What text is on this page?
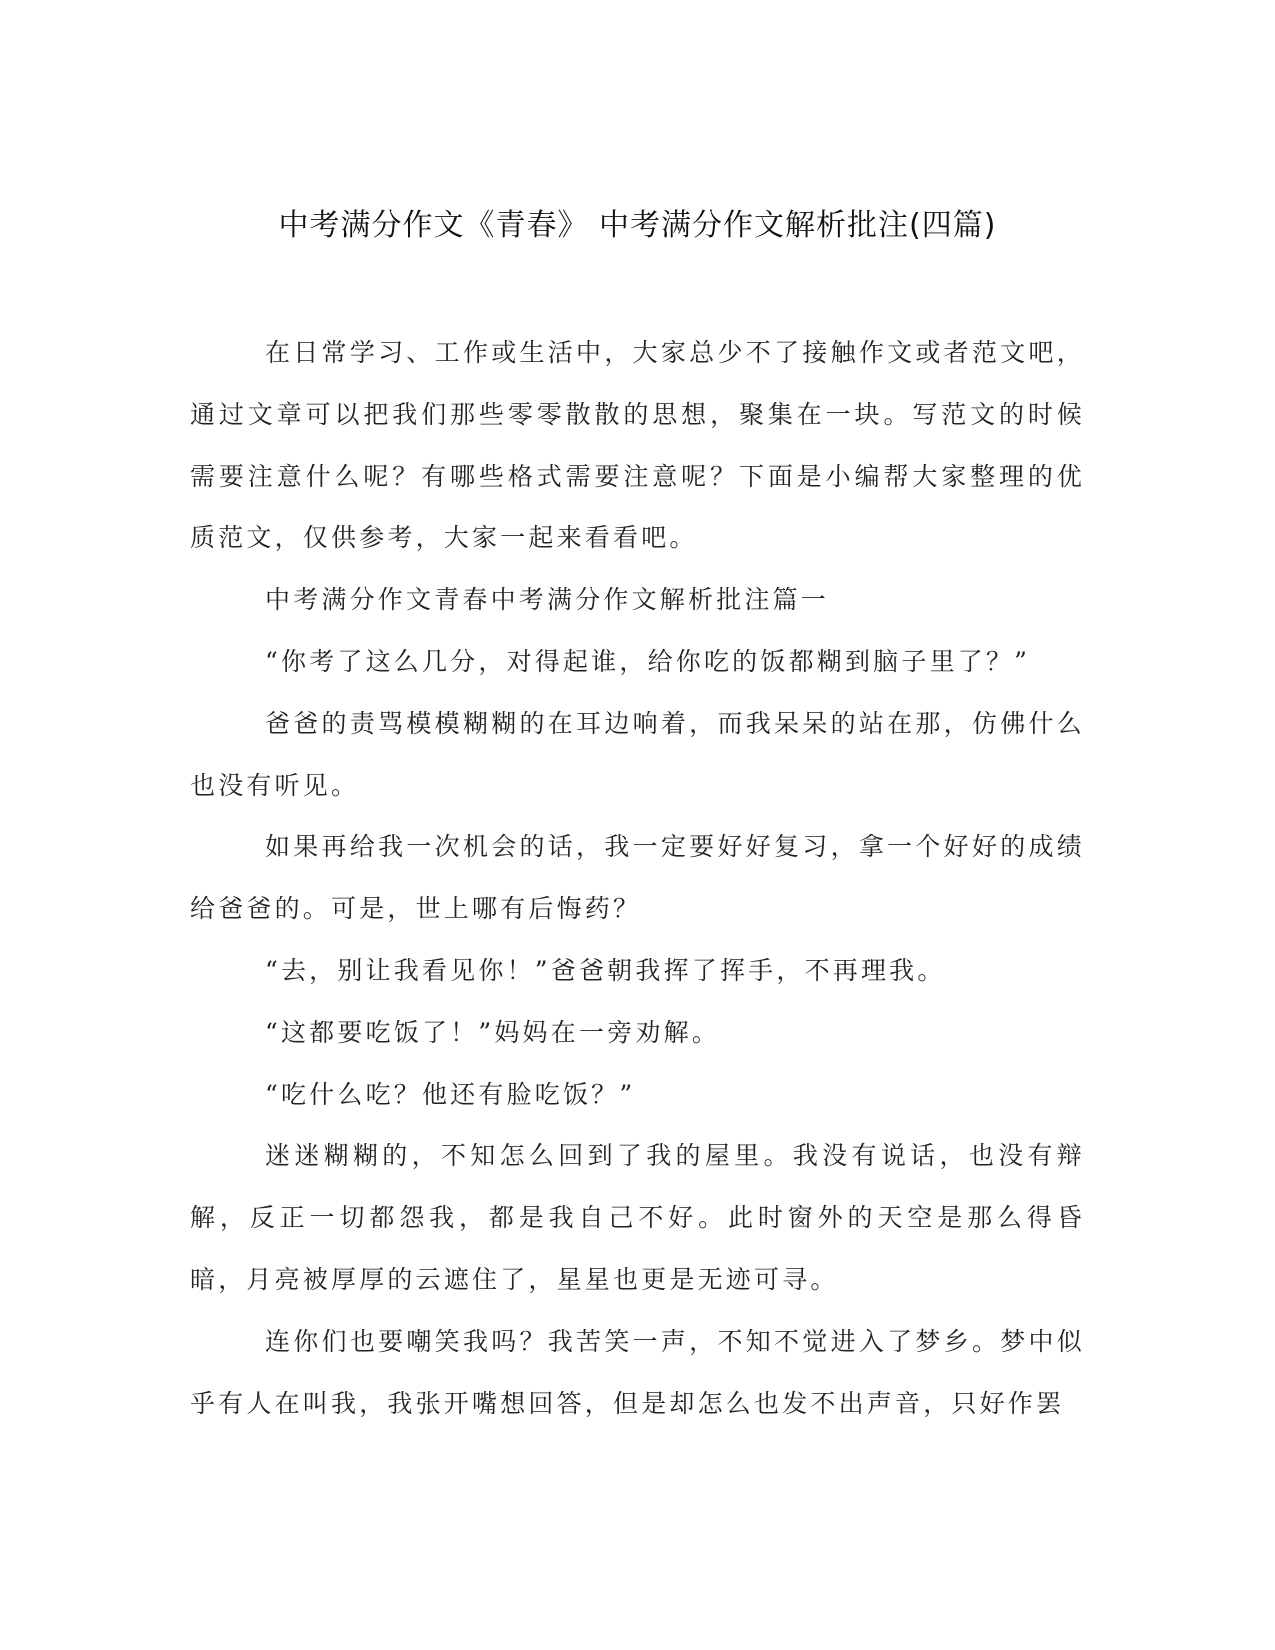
中考满分作文《青春》 中考满分作文解析批注(四篇)

在日常学习、工作或生活中，大家总少不了接触作文或者范文吧，通过文章可以把我们那些零零散散的思想，聚集在一块。写范文的时候需要注意什么呢？有哪些格式需要注意呢？下面是小编帮大家整理的优质范文，仅供参考，大家一起来看看吧。

中考满分作文青春中考满分作文解析批注篇一

“你考了这么几分，对得起谁，给你吃的饭都糊到脑子里了？”

爸爸的责骂模模糊糊的在耳边响着，而我呆呆的站在那，仿佛什么也没有听见。

如果再给我一次机会的话，我一定要好好复习，拿一个好好的成绩给爸爸的。可是，世上哪有后悔药？

“去，别让我看见你！”爸爸朝我挥了挥手，不再理我。

“这都要吃饭了！”妈妈在一旁劝解。

“吃什么吃？他还有脸吃饭？”

迷迷糊糊的，不知怎么回到了我的屋里。我没有说话，也没有辩解，反正一切都怨我，都是我自己不好。此时窗外的天空是那么得昏暗，月亮被厚厚的云遮住了，星星也更是无迹可寻。

连你们也要嘲笑我吗？我苦笑一声，不知不觉进入了梦乡。梦中似乎有人在叫我，我张开嘴想回答，但是却怎么也发不出声音，只好作罢
